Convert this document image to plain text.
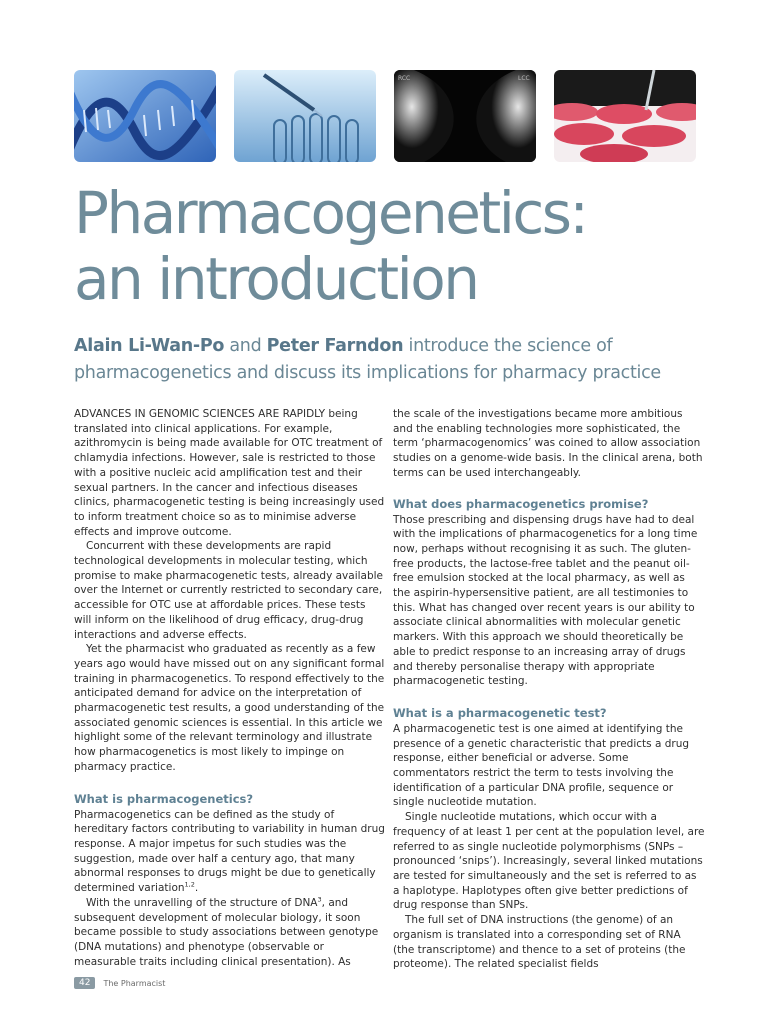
RCC	LCC
Pharmacogenetics:
an introduction

Alain Li-Wan-Po and Peter Farndon introduce the science of pharmacogenetics and discuss its implications for pharmacy practice

ADVANCES IN GENOMIC SCIENCES ARE RAPIDLY being translated into clinical applications. For example, azithromycin is being made available for OTC treatment of chlamydia infections. However, sale is restricted to those with a positive nucleic acid amplification test and their sexual partners. In the cancer and infectious diseases clinics, pharmacogenetic testing is being increasingly used to inform treatment choice so as to minimise adverse effects and improve outcome.

Concurrent with these developments are rapid technological developments in molecular testing, which promise to make pharmacogenetic tests, already available over the Internet or currently restricted to secondary care, accessible for OTC use at affordable prices. These tests will inform on the likelihood of drug efficacy, drug-drug interactions and adverse effects.

Yet the pharmacist who graduated as recently as a few years ago would have missed out on any significant formal training in pharmacogenetics. To respond effectively to the anticipated demand for advice on the interpretation of pharmacogenetic test results, a good understanding of the associated genomic sciences is essential. In this article we highlight some of the relevant terminology and illustrate how pharmacogenetics is most likely to impinge on pharmacy practice.

What is pharmacogenetics?

Pharmacogenetics can be defined as the study of hereditary factors contributing to variability in human drug response. A major impetus for such studies was the suggestion, made over half a century ago, that many abnormal responses to drugs might be due to genetically determined variation$^{1,2}$.

With the unravelling of the structure of DNA$^3$, and subsequent development of molecular biology, it soon became possible to study associations between genotype (DNA mutations) and phenotype (observable or measurable traits including clinical presentation). As

the scale of the investigations became more ambitious and the enabling technologies more sophisticated, the term ‘pharmacogenomics’ was coined to allow association studies on a genome-wide basis. In the clinical arena, both terms can be used interchangeably.

What does pharmacogenetics promise?

Those prescribing and dispensing drugs have had to deal with the implications of pharmacogenetics for a long time now, perhaps without recognising it as such. The gluten-free products, the lactose-free tablet and the peanut oil-free emulsion stocked at the local pharmacy, as well as the aspirin-hypersensitive patient, are all testimonies to this. What has changed over recent years is our ability to associate clinical abnormalities with molecular genetic markers. With this approach we should theoretically be able to predict response to an increasing array of drugs and thereby personalise therapy with appropriate pharmacogenetic testing.

What is a pharmacogenetic test?

A pharmacogenetic test is one aimed at identifying the presence of a genetic characteristic that predicts a drug response, either beneficial or adverse. Some commentators restrict the term to tests involving the identification of a particular DNA profile, sequence or single nucleotide mutation.

Single nucleotide mutations, which occur with a frequency of at least 1 per cent at the population level, are referred to as single nucleotide polymorphisms (SNPs – pronounced ‘snips’). Increasingly, several linked mutations are tested for simultaneously and the set is referred to as a haplotype. Haplotypes often give better predictions of drug response than SNPs.

The full set of DNA instructions (the genome) of an organism is translated into a corresponding set of RNA (the transcriptome) and thence to a set of proteins (the proteome). The related specialist fields

42	The Pharmacist
